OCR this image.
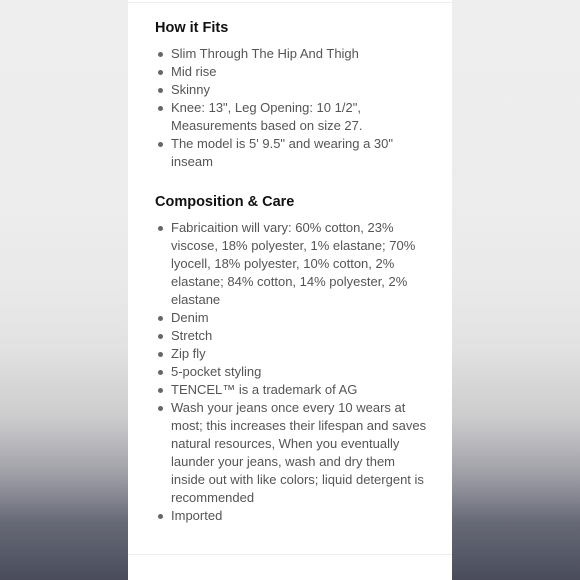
How it Fits
Slim Through The Hip And Thigh
Mid rise
Skinny
Knee: 13", Leg Opening: 10 1/2", Measurements based on size 27.
The model is 5' 9.5" and wearing a 30" inseam
Composition & Care
Fabricaition will vary: 60% cotton, 23% viscose, 18% polyester, 1% elastane; 70% lyocell, 18% polyester, 10% cotton, 2% elastane; 84% cotton, 14% polyester, 2% elastane
Denim
Stretch
Zip fly
5-pocket styling
TENCEL™ is a trademark of AG
Wash your jeans once every 10 wears at most; this increases their lifespan and saves natural resources, When you eventually launder your jeans, wash and dry them inside out with like colors; liquid detergent is recommended
Imported
